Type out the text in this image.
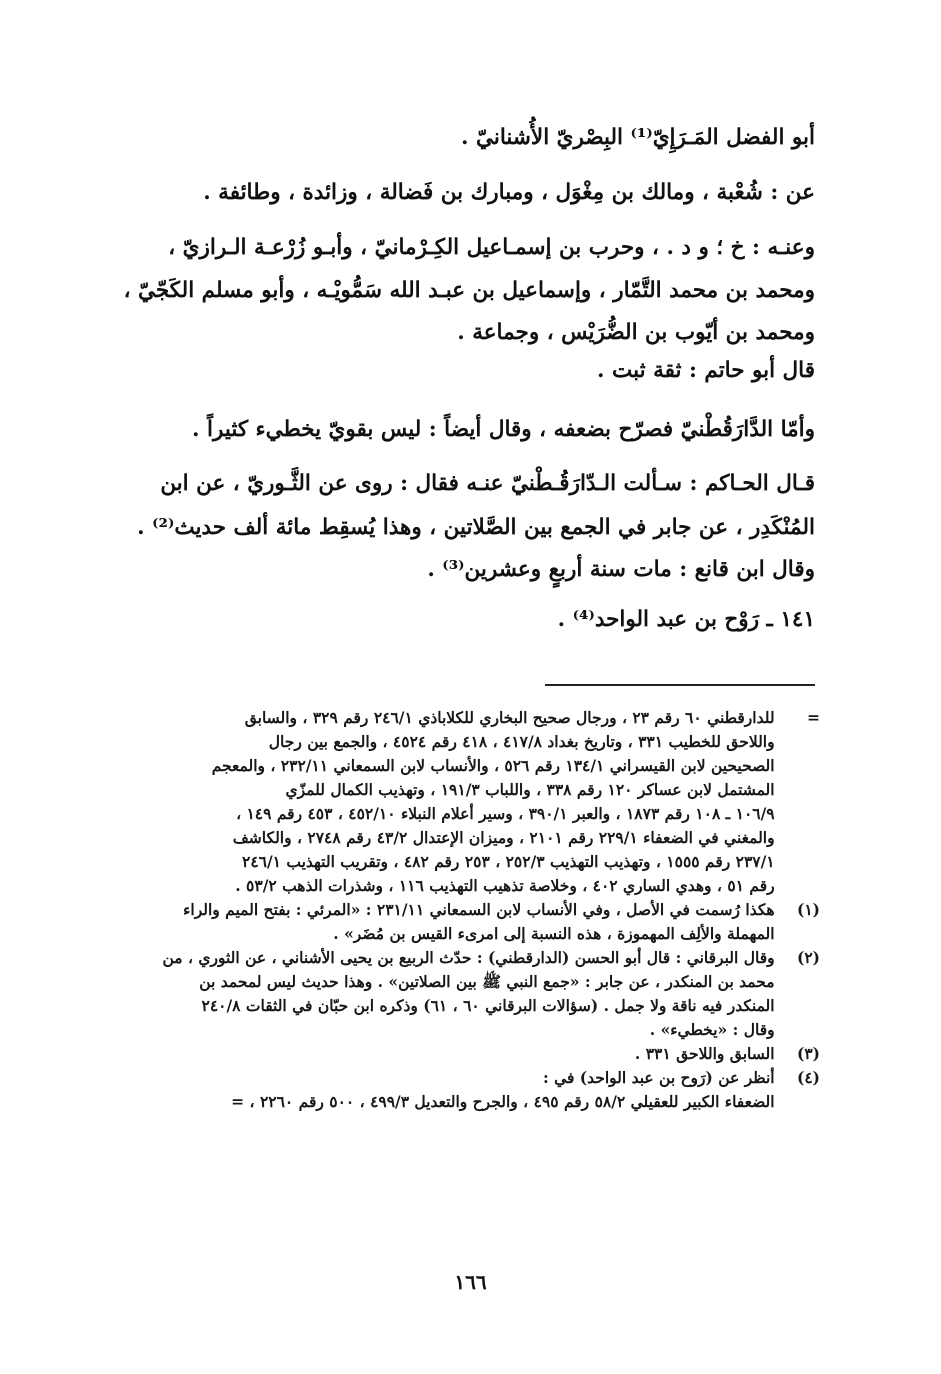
أبو الفضل المَـرَإِيّ⁽¹⁾ البِصْريّ الأُشنانيّ .
عن : شُعْبة ، ومالك بن مِغْوَل ، ومبارك بن فَضالة ، وزائدة ، وطائفة .
وعنـه : خ ؛ و د . ، وحرب بن إسمـاعيل الكِـرْمانيّ ، وأبـو زُرْعـة الـرازيّ ،
ومحمد بن محمد التَّمّار ، وإسماعيل بن عبـد الله سَمُّويْـه ، وأبو مسلم الكَجّيّ ،
ومحمد بن أيّوب بن الضُّرَيْس ، وجماعة .
قال أبو حاتم : ثقة ثبت .
وأمّا الدَّارَقُطْنيّ فصرّح بضعفه ، وقال أيضاً : ليس بقويّ يخطيء كثيراً .
قـال الحـاكم : سـألت الـدّارَقُـطْنيّ عنـه فقال : روى عن الثَّـوريّ ، عن ابن
المُنْكَدِر ، عن جابر في الجمع بين الصَّلاتين ، وهذا يُسقِط مائة ألف حديث⁽²⁾ .
وقال ابن قانع : مات سنة أربعٍ وعشرين⁽³⁾ .
١٤١ ـ رَوْح بن عبد الواحد⁽⁴⁾ .
= للدارقطني ٦٠ رقم ٢٣ ، ورجال صحيح البخاري للكلاباذي ٢٤٦/١ رقم ٣٢٩ ، والسابق
واللاحق للخطيب ٣٣١ ، وتاريخ بغداد ٤١٧/٨ ، ٤١٨ رقم ٤٥٢٤ ، والجمع بين رجال
الصحيحين لابن القيسراني ١٣٤/١ رقم ٥٢٦ ، والأنساب لابن السمعاني ٢٣٢/١١ ، والمعجم
المشتمل لابن عساكر ١٢٠ رقم ٣٣٨ ، واللباب ١٩١/٣ ، وتهذيب الكمال للمزّي
١٠٦/٩ ـ ١٠٨ رقم ١٨٧٣ ، والعبر ٣٩٠/١ ، وسير أعلام النبلاء ٤٥٢/١٠ ، ٤٥٣ رقم ١٤٩ ،
والمغني في الضعفاء ٢٢٩/١ رقم ٢١٠١ ، وميزان الإعتدال ٤٣/٢ رقم ٢٧٤٨ ، والكاشف
٢٣٧/١ رقم ١٥٥٥ ، وتهذيب التهذيب ٢٥٢/٣ ، ٢٥٣ رقم ٤٨٢ ، وتقريب التهذيب ٢٤٦/١
رقم ٥١ ، وهدي الساري ٤٠٢ ، وخلاصة تذهيب التهذيب ١١٦ ، وشذرات الذهب ٥٣/٢ .
(١) هكذا رُسمت في الأصل ، وفي الأنساب لابن السمعاني ٢٣١/١١ : «المرئي : بفتح الميم والراء
المهملة والألِف المهموزة ، هذه النسبة إلى امرىء القيس بن مُضَر» .
(٢) وقال البرقاني : قال أبو الحسن (الدارقطني) : حدّث الربيع بن يحيى الأشناني ، عن الثوري ، من
محمد بن المنكدر ، عن جابر : «جمع النبي ﷺ بين الصلاتين» . وهذا حديث ليس لمحمد بن
المنكدر فيه ناقة ولا جمل . (سؤالات البرقاني ٦٠ ، ٦١) وذكره ابن حبّان في الثقات ٢٤٠/٨
وقال : «يخطيء» .
(٣) السابق واللاحق ٣٣١ .
(٤) أنظر عن (رَوح بن عبد الواحد) في :
الضعفاء الكبير للعقيلي ٥٨/٢ رقم ٤٩٥ ، والجرح والتعديل ٤٩٩/٣ ، ٥٠٠ رقم ٢٢٦٠ ، =
١٦٦
